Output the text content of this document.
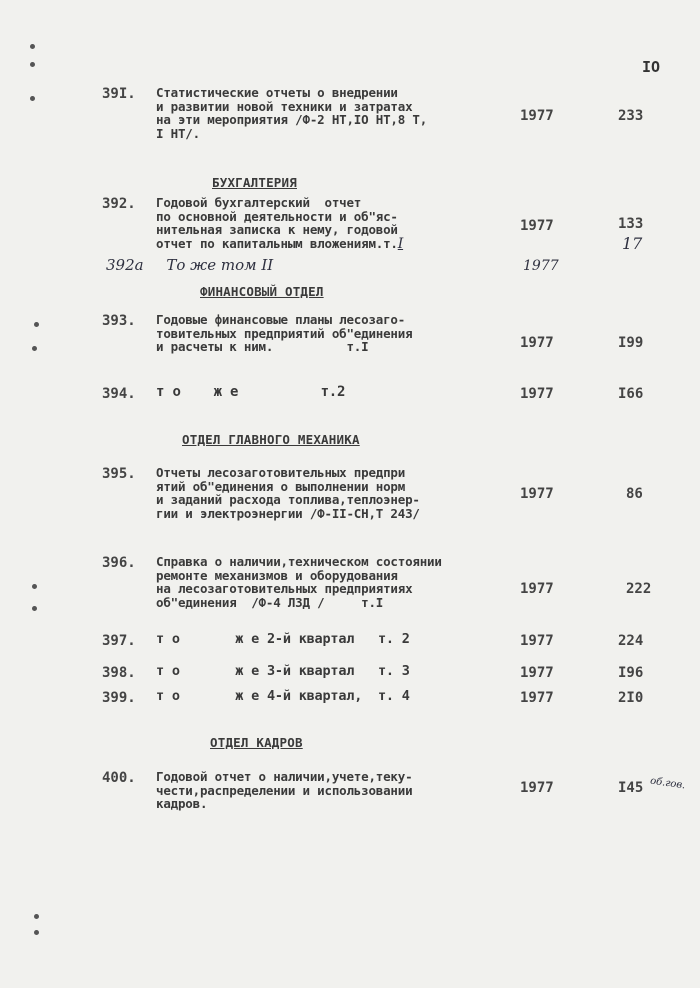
IO
39I. Статистические отчеты о внедрении
и развитии новой техники и затратах
на эти мероприятия /Ф-2 НТ,IO НТ,8 Т,
I НТ/.
1977	233
БУХГАЛТЕРИЯ
392. Годовой бухгалтерский  отчет
по основной деятельности и об"яс-
нительная записка к нему, годовой
отчет по капитальным вложениям.т.I
1977	133
17
392а То же том II	1977
ФИНАНСОВЫЙ ОТДЕЛ
393. Годовые финансовые планы лесозаго-
товительных предприятий об"единения
и расчеты к ним.          т.I	1977	I99
394. т о    ж е          т.2	1977	I66
ОТДЕЛ ГЛАВНОГО МЕХАНИКА
395. Отчеты лесозаготовительных предпри
ятий об"единения о выполнении норм
и заданий расхода топлива,теплоэнер-
гии и электроэнергии /Ф-II-СН,Т 243/
1977	86
396. Справка о наличии,техническом состоянии
ремонте механизмов и оборудования
на лесозаготовительных предприятиях
об"единения  /Ф-4 ЛЗД /     т.I
1977	222
397. т о       ж е 2-й квартал   т. 2	1977	224
398. т о       ж е 3-й квартал   т. 3	1977	I96
399. т о       ж е 4-й квартал,  т. 4	1977	2I0
ОТДЕЛ КАДРОВ
400. Годовой отчет о наличии,учете,теку-
чести,распределении и использовании
кадров.
1977	I45 об.гов.
